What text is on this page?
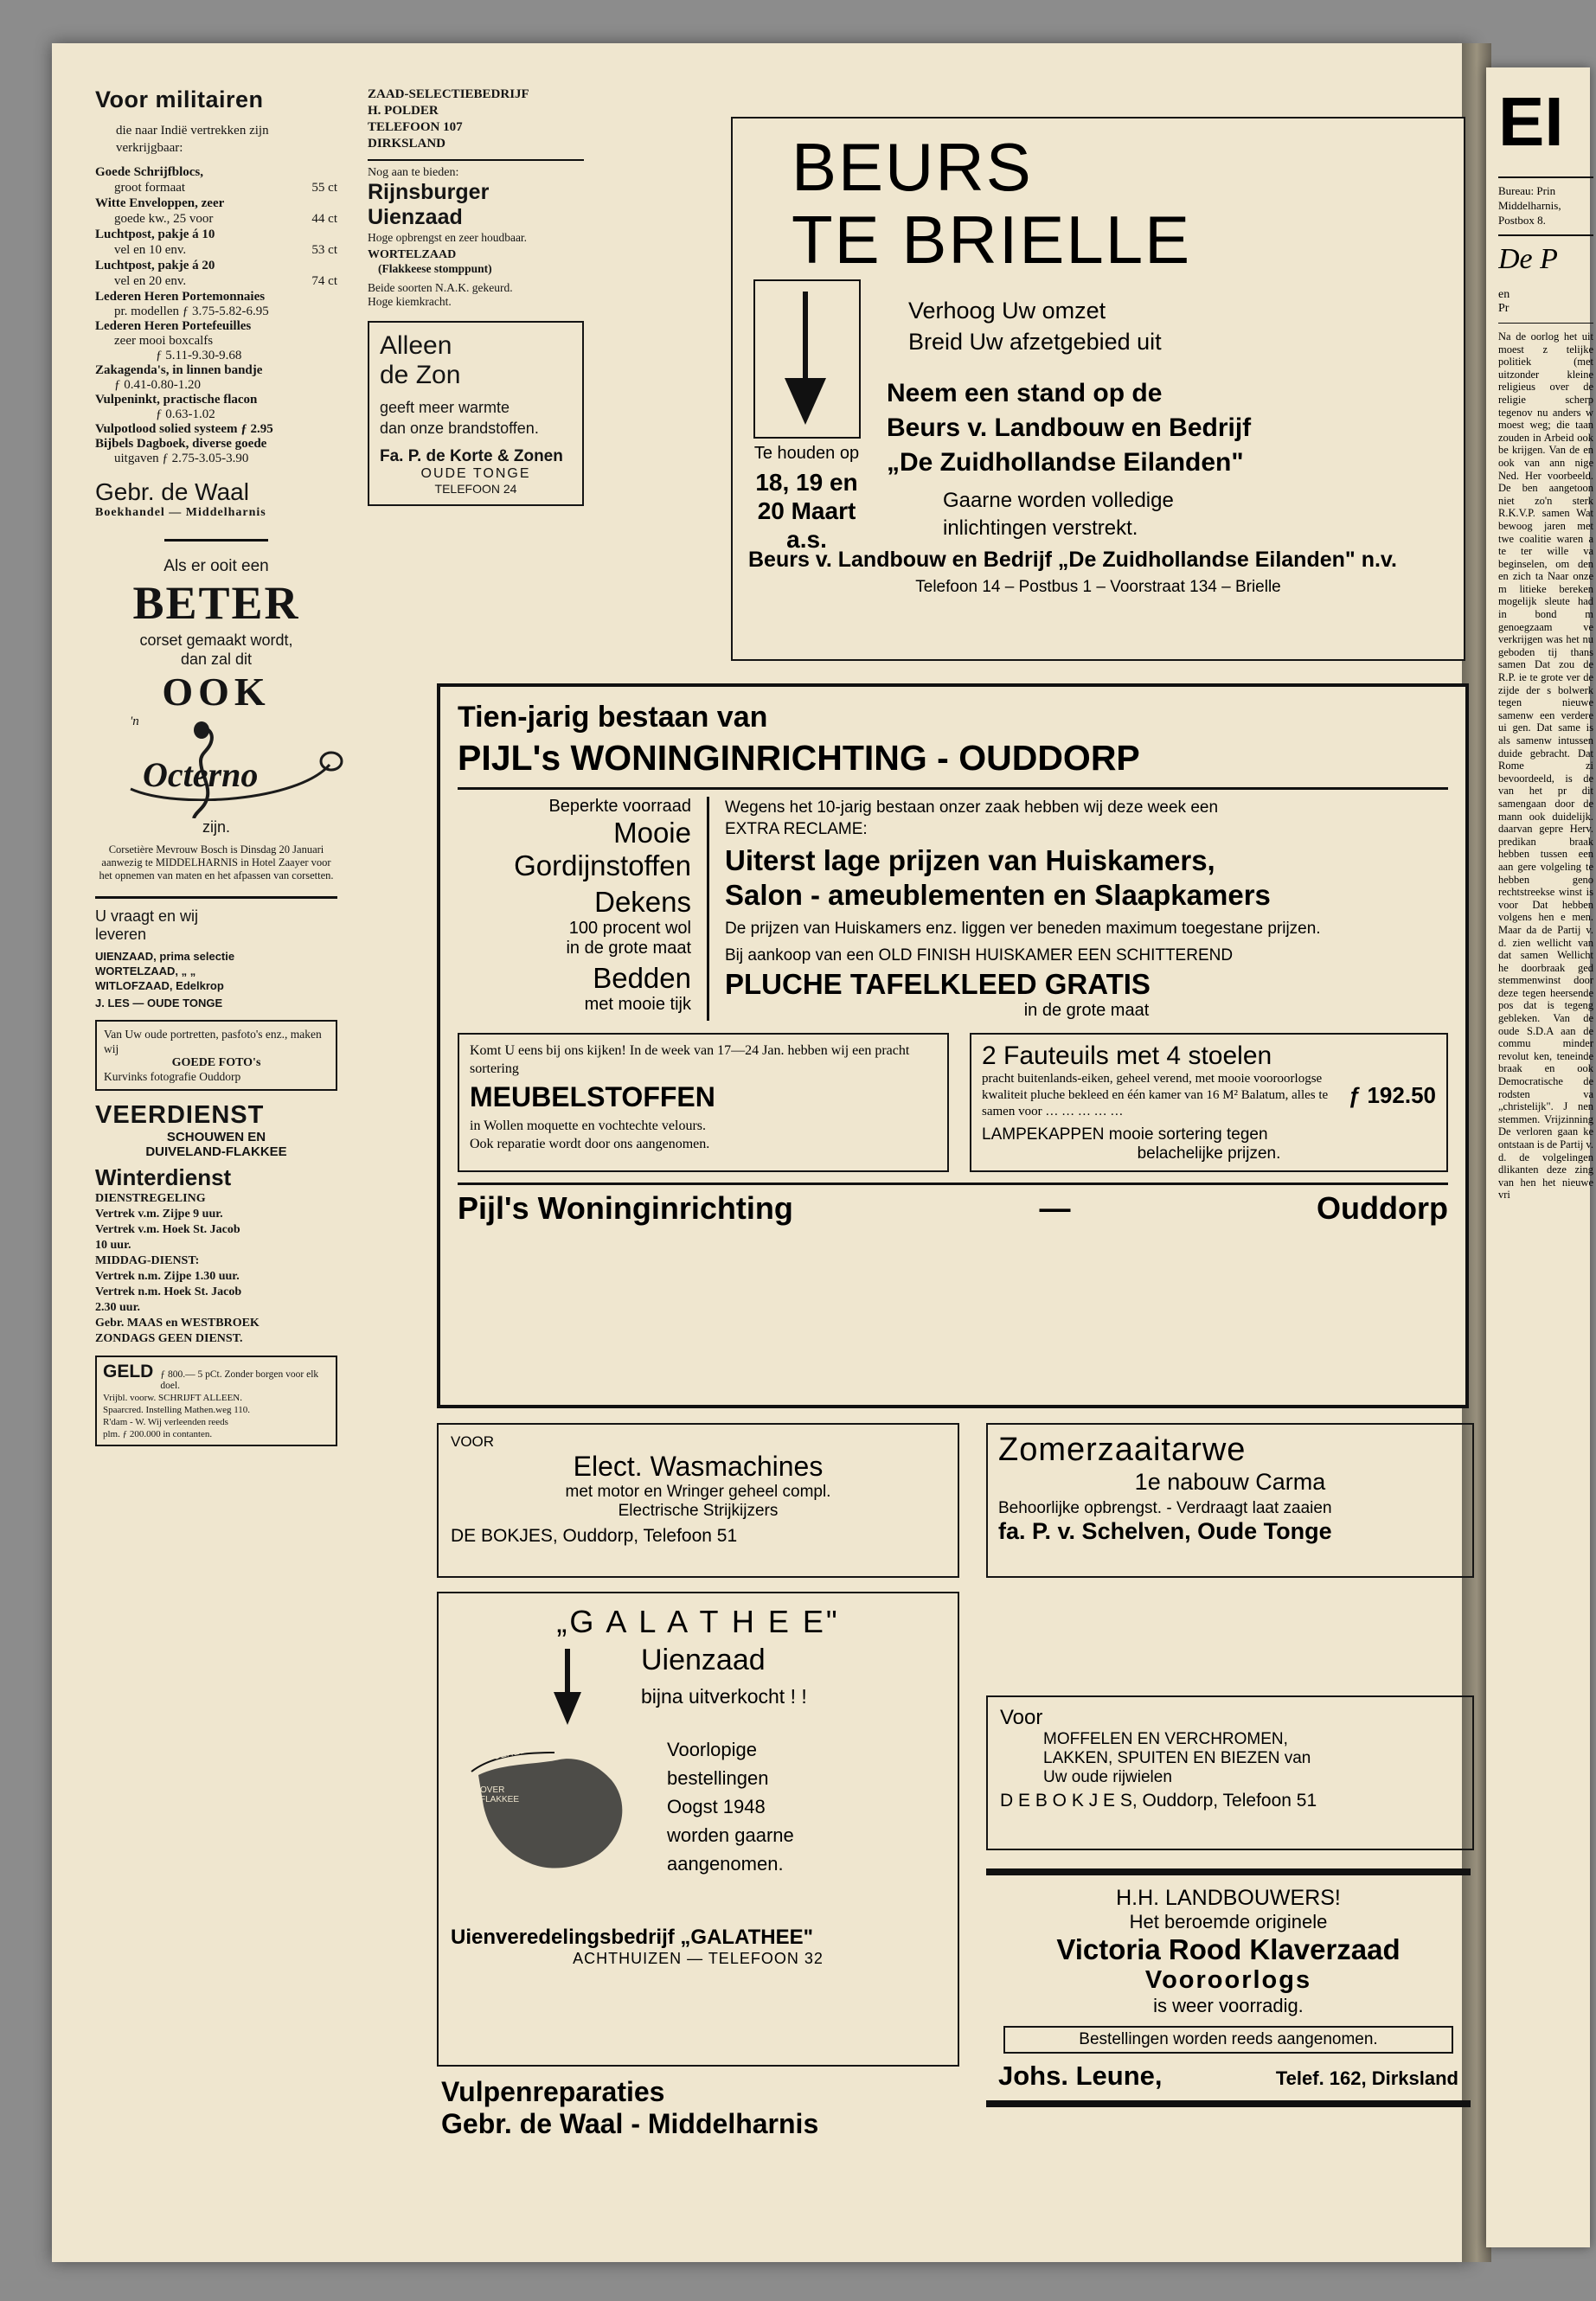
Voor militairen
die naar Indië vertrekken zijn verkrijgbaar:
Goede Schrijfblocs,
groot formaat	55 ct
Witte Enveloppen, zeer
goede kw., 25 voor	44 ct
Luchtpost, pakje á 10
vel en 10 env.	53 ct
Luchtpost, pakje á 20
vel en 20 env.	74 ct
Lederen Heren Portemonnaies
pr. modellen ƒ 3.75-5.82-6.95
Lederen Heren Portefeuilles
zeer mooi boxcalfs
ƒ 5.11-9.30-9.68
Zakagenda's, in linnen bandje
ƒ 0.41-0.80-1.20
Vulpeninkt, practische flacon
ƒ 0.63-1.02
Vulpotlood solied systeem ƒ 2.95
Bijbels Dagboek, diverse goede
uitgaven ƒ 2.75-3.05-3.90
Gebr. de Waal
Boekhandel — Middelharnis
Als er ooit een
BETER
corset gemaakt wordt,
dan zal dit
OOK
'n
Octerno
zijn.
Corsetière Mevrouw Bosch is Dinsdag 20 Januari aanwezig te MIDDELHARNIS in Hotel Zaayer voor het opnemen van maten en het afpassen van corsetten.
U vraagt en wij
leveren
UIENZAAD, prima selectie
WORTELZAAD, „ „
WITLOFZAAD, Edelkrop
J. LES — OUDE TONGE
Van Uw oude portretten, pasfoto's enz., maken wij
GOEDE FOTO's
Kurvinks fotografie Ouddorp
VEERDIENST
SCHOUWEN EN
DUIVELAND-FLAKKEE
Winterdienst
DIENSTREGELING
Vertrek v.m. Zijpe 9 uur.
Vertrek v.m. Hoek St. Jacob
10 uur.
MIDDAG-DIENST:
Vertrek n.m. Zijpe 1.30 uur.
Vertrek n.m. Hoek St. Jacob
2.30 uur.
Gebr. MAAS en WESTBROEK
ZONDAGS GEEN DIENST.
GELD ƒ 800.— 5 pCt. Zonder borgen voor elk doel.
Vrijbl. voorw. SCHRIJFT ALLEEN.
Spaarcred. Instelling Mathen.weg 110.
R'dam - W. Wij verleenden reeds
plm. ƒ 200.000 in contanten.
ZAAD-SELECTIEBEDRIJF
H. POLDER
TELEFOON 107
DIRKSLAND
Nog aan te bieden:
Rijnsburger Uienzaad
Hoge opbrengst en zeer houdbaar.
WORTELZAAD
(Flakkeese stomppunt)
Beide soorten N.A.K. gekeurd.
Hoge kiemkracht.
Alleen
de Zon
geeft meer warmte
dan onze brandstoffen.
Fa. P. de Korte & Zonen
OUDE TONGE
TELEFOON 24
BEURS
TE BRIELLE
Te houden op
18, 19 en
20 Maart
a.s.
Verhoog Uw omzet
Breid Uw afzetgebied uit
Neem een stand op de
Beurs v. Landbouw en Bedrijf
„De Zuidhollandse Eilanden"
Gaarne worden volledige
inlichtingen verstrekt.
Beurs v. Landbouw en Bedrijf „De Zuidhollandse Eilanden" n.v.
Telefoon 14 – Postbus 1 – Voorstraat 134 – Brielle
Tien-jarig bestaan van
PIJL's WONINGINRICHTING - OUDDORP
Beperkte voorraad
Mooie
Gordijnstoffen
Dekens
100 procent wol
in de grote maat
Bedden
met mooie tijk
Wegens het 10-jarig bestaan onzer zaak hebben wij deze week een
EXTRA RECLAME:
Uiterst lage prijzen van Huiskamers,
Salon - ameublementen en Slaapkamers
De prijzen van Huiskamers enz. liggen ver beneden maximum toegestane prijzen.
Bij aankoop van een OLD FINISH HUISKAMER EEN SCHITTEREND
PLUCHE TAFELKLEED GRATIS
in de grote maat
Komt U eens bij ons kijken! In de week van 17—24 Jan. hebben wij een pracht sortering
MEUBELSTOFFEN
in Wollen moquette en vochtechte velours.
Ook reparatie wordt door ons aangenomen.
2 Fauteuils met 4 stoelen
pracht buitenlands-eiken, geheel verend, met mooie vooroorlogse kwaliteit pluche bekleed en één kamer van 16 M² Balatum, alles te samen voor … … … … …
ƒ 192.50
LAMPEKAPPEN mooie sortering tegen
belachelijke prijzen.
Pijl's Woninginrichting	—	Ouddorp
VOOR
Elect. Wasmachines
met motor en Wringer geheel compl.
Electrische Strijkijzers
DE BOKJES, Ouddorp, Telefoon 51
„G A L A T H E E"
Uienzaad
bijna uitverkocht ! !
GOEREE
OVER FLAKKEE
Voorlopige
bestellingen
Oogst 1948
worden gaarne
aangenomen.
Uienveredelingsbedrijf „GALATHEE"
ACHTHUIZEN — TELEFOON 32
Vulpenreparaties
Gebr. de Waal - Middelharnis
Zomerzaaitarwe
1e nabouw Carma
Behoorlijke opbrengst. - Verdraagt laat zaaien
fa. P. v. Schelven, Oude Tonge
Voor
MOFFELEN EN VERCHROMEN,
LAKKEN, SPUITEN EN BIEZEN van
Uw oude rijwielen
D E B O K J E S, Ouddorp, Telefoon 51
H.H. LANDBOUWERS!
Het beroemde originele
Victoria Rood Klaverzaad
Vooroorlogs
is weer voorradig.
Bestellingen worden reeds aangenomen.
Johs. Leune,	Telef. 162, Dirksland
EI
Bureau: Prin
Middelharnis,
Postbox 8.
De P
en
Pr
Na de oorlog het uit moest z telijke politiek (met uitzonder kleine religieus over de religie scherp tegenov nu anders w moest weg; die taan zouden in Arbeid ook be krijgen. Van de en ook van ann nige Ned. Her voorbeeld. De ben aangetoon niet zo'n sterk R.K.V.P. samen Wat bewoog jaren met twe coalitie waren a te ter wille va beginselen, om den en zich ta Naar onze m litieke bereken mogelijk sleute had in bond m genoegzaam ve verkrijgen was het nu geboden tij thans samen Dat zou de R.P. ie te grote ver de zijde der s bolwerk tegen nieuwe samenw een verdere ui gen. Dat same is als samenw intussen duide gebracht. Dat Rome zi bevoordeeld, is de van het pr dit samengaan door de mann ook duidelijk. daarvan gepre Herv. predikan braak hebben tussen een aan gere volgeling te hebben geno rechtstreekse winst is voor Dat hebben volgens hen e men. Maar da de Partij v. d. zien wellicht van dat samen Wellicht he doorbraak ged stemmenwinst door deze tegen heersende pos dat is tegeng gebleken. Van de oude S.D.A aan de commu minder revolut ken, teneinde braak en ook Democratische de rodsten va „christelijk". J nen stemmen. Vrijzinning De verloren gaan ke ontstaan is de Partij v. d. de volgelingen dlikanten deze zing van hen het nieuwe vri
